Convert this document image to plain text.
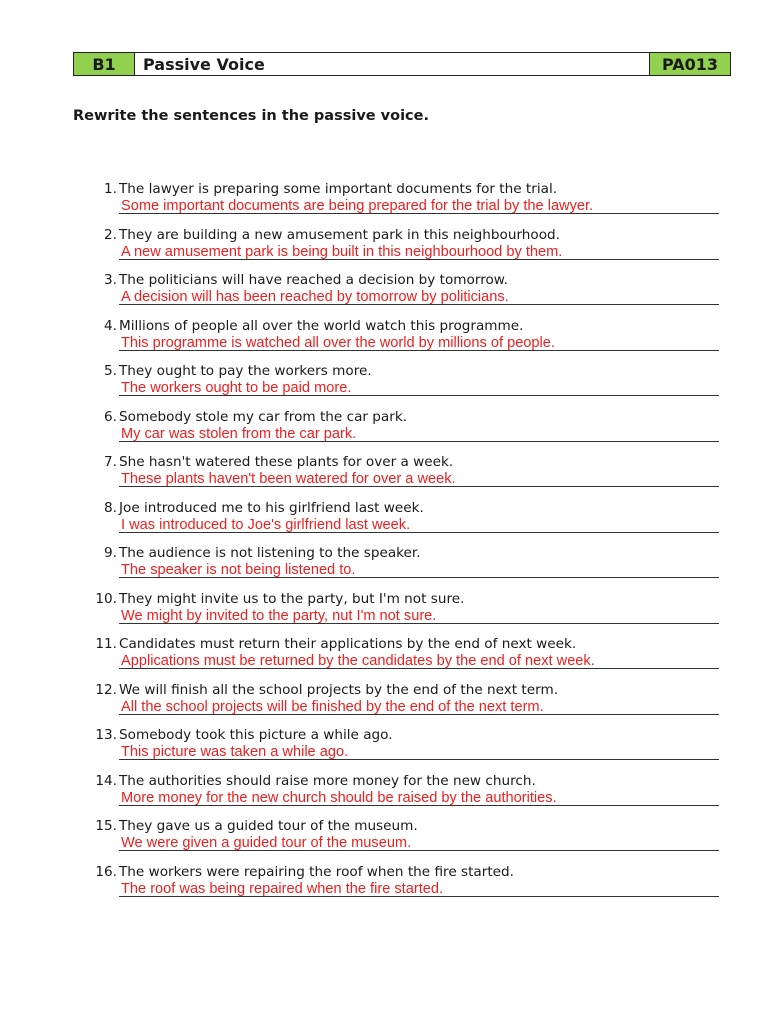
B1	Passive Voice	PA013
Rewrite the sentences in the passive voice.
1. The lawyer is preparing some important documents for the trial.
Some important documents are being prepared for the trial by the lawyer.
2. They are building a new amusement park in this neighbourhood.
A new amusement park is being built in this neighbourhood by them.
3. The politicians will have reached a decision by tomorrow.
A decision will has been reached by tomorrow by politicians.
4. Millions of people all over the world watch this programme.
This programme is watched all over the world by millions of people.
5. They ought to pay the workers more.
The workers ought to be paid more.
6. Somebody stole my car from the car park.
My car was stolen from the car park.
7. She hasn't watered these plants for over a week.
These plants haven't been watered for over a week.
8. Joe introduced me to his girlfriend last week.
I was introduced to Joe's girlfriend last week.
9. The audience is not listening to the speaker.
The speaker is not being listened to.
10. They might invite us to the party, but I'm not sure.
We might by invited to the party, nut I'm not sure.
11. Candidates must return their applications by the end of next week.
Applications must be returned by the candidates by the end of next week.
12. We will finish all the school projects by the end of the next term.
All the school projects will be finished by the end of the next term.
13. Somebody took this picture a while ago.
This picture was taken a while ago.
14. The authorities should raise more money for the new church.
More money for the new church should be raised by the authorities.
15. They gave us a guided tour of the museum.
We were given a guided tour of the museum.
16. The workers were repairing the roof when the fire started.
The roof was being repaired when the fire started.
